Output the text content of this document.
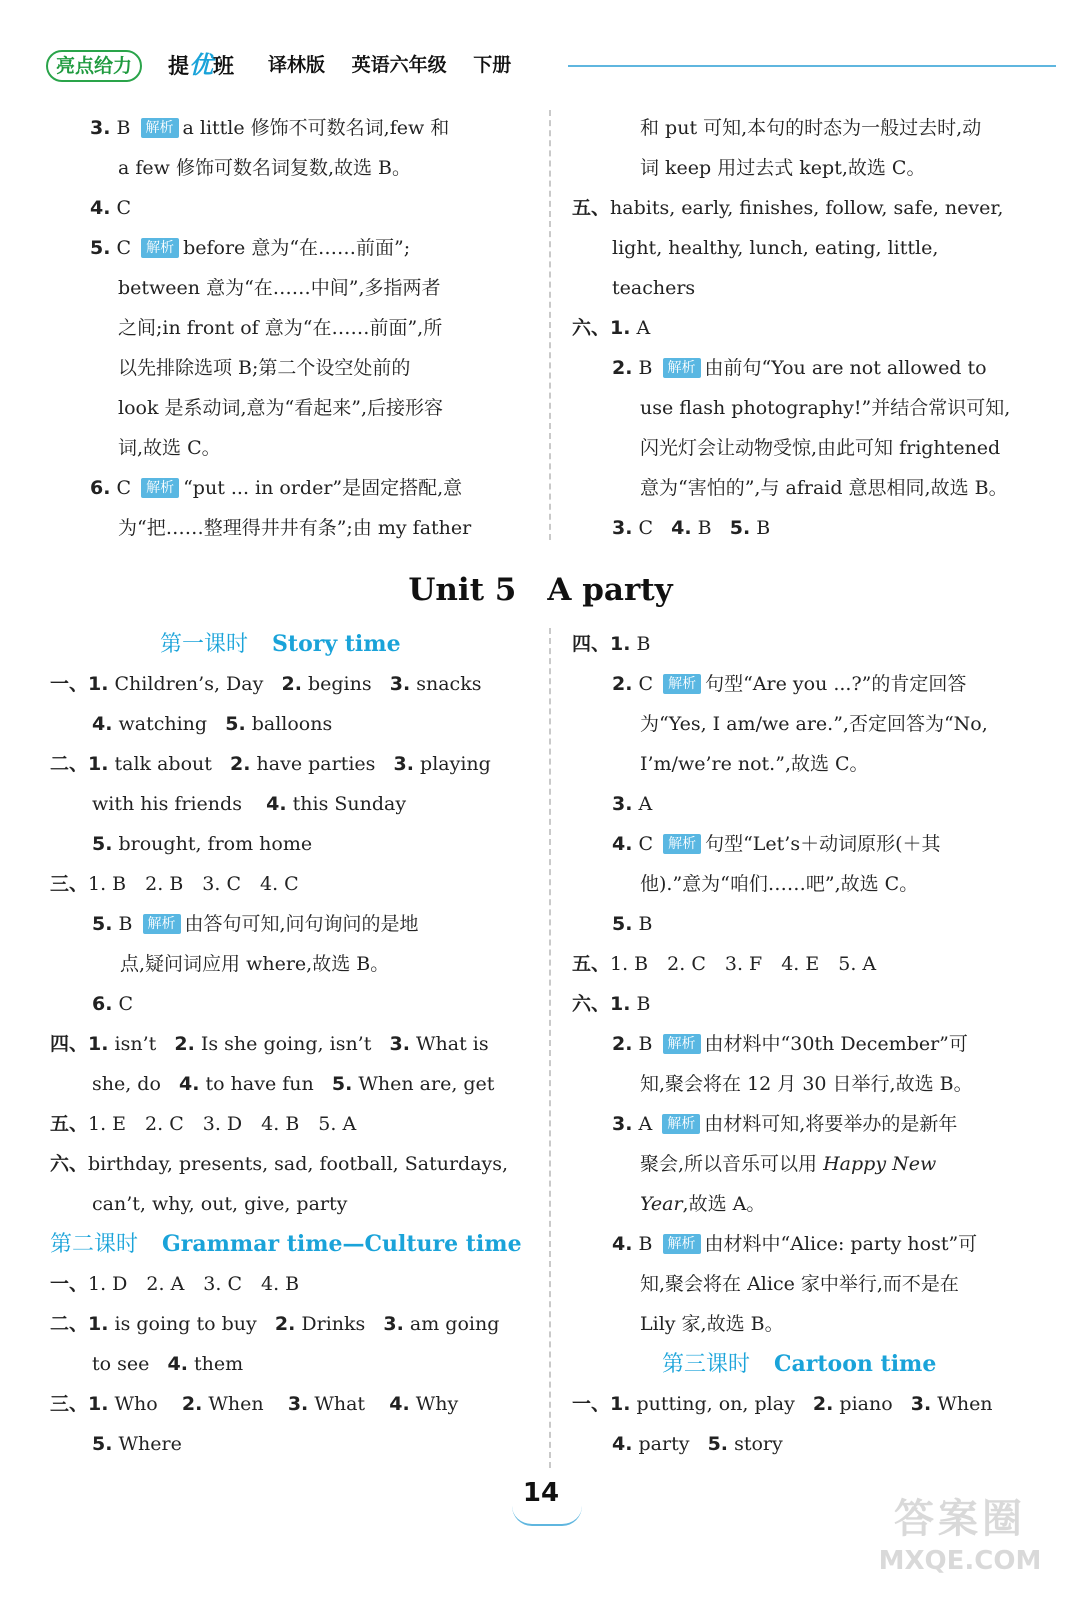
亮点给力	提优班 译林版 英语六年级 下册
3. B 解析 a little 修饰不可数名词,few 和
a few 修饰可数名词复数,故选 B。
4. C
5. C 解析 before 意为“在……前面”;
between 意为“在……中间”,多指两者
之间;in front of 意为“在……前面”,所
以先排除选项 B;第二个设空处前的
look 是系动词,意为“看起来”,后接形容
词,故选 C。
6. C 解析 “put ... in order”是固定搭配,意
为“把……整理得井井有条”;由 my father
和 put 可知,本句的时态为一般过去时,动
词 keep 用过去式 kept,故选 C。
五、habits, early, finishes, follow, safe, never,
light, healthy, lunch, eating, little,
teachers
六、1. A
2. B 解析 由前句“You are not allowed to
use flash photography!”并结合常识可知,
闪光灯会让动物受惊,由此可知 frightened
意为“害怕的”,与 afraid 意思相同,故选 B。
3. C 4. B 5. B
Unit 5　A party
第一课时 Story time
一、1. Children’s, Day 2. begins 3. snacks
4. watching 5. balloons
二、1. talk about 2. have parties 3. playing
with his friends 4. this Sunday
5. brought, from home
三、1. B　2. B　3. C　4. C
5. B 解析 由答句可知,问句询问的是地
点,疑问词应用 where,故选 B。
6. C
四、1. isn’t 2. Is she going, isn’t 3. What is
she, do 4. to have fun 5. When are, get
五、1. E　2. C　3. D　4. B　5. A
六、birthday, presents, sad, football, Saturdays,
can’t, why, out, give, party
第二课时 Grammar time—Culture time
一、1. D　2. A　3. C　4. B
二、1. is going to buy 2. Drinks 3. am going
to see 4. them
三、1. Who 2. When 3. What 4. Why
5. Where
四、1. B
2. C 解析 句型“Are you ...?”的肯定回答
为“Yes, I am/we are.”,否定回答为“No,
I’m/we’re not.”,故选 C。
3. A
4. C 解析 句型“Let’s＋动词原形(＋其
他).”意为“咱们……吧”,故选 C。
5. B
五、1. B　2. C　3. F　4. E　5. A
六、1. B
2. B 解析 由材料中“30th December”可
知,聚会将在 12 月 30 日举行,故选 B。
3. A 解析 由材料可知,将要举办的是新年
聚会,所以音乐可以用 Happy New
Year,故选 A。
4. B 解析 由材料中“Alice: party host”可
知,聚会将在 Alice 家中举行,而不是在
Lily 家,故选 B。
第三课时 Cartoon time
一、1. putting, on, play 2. piano 3. When
4. party 5. story
14
答案圈
MXQE.COM
